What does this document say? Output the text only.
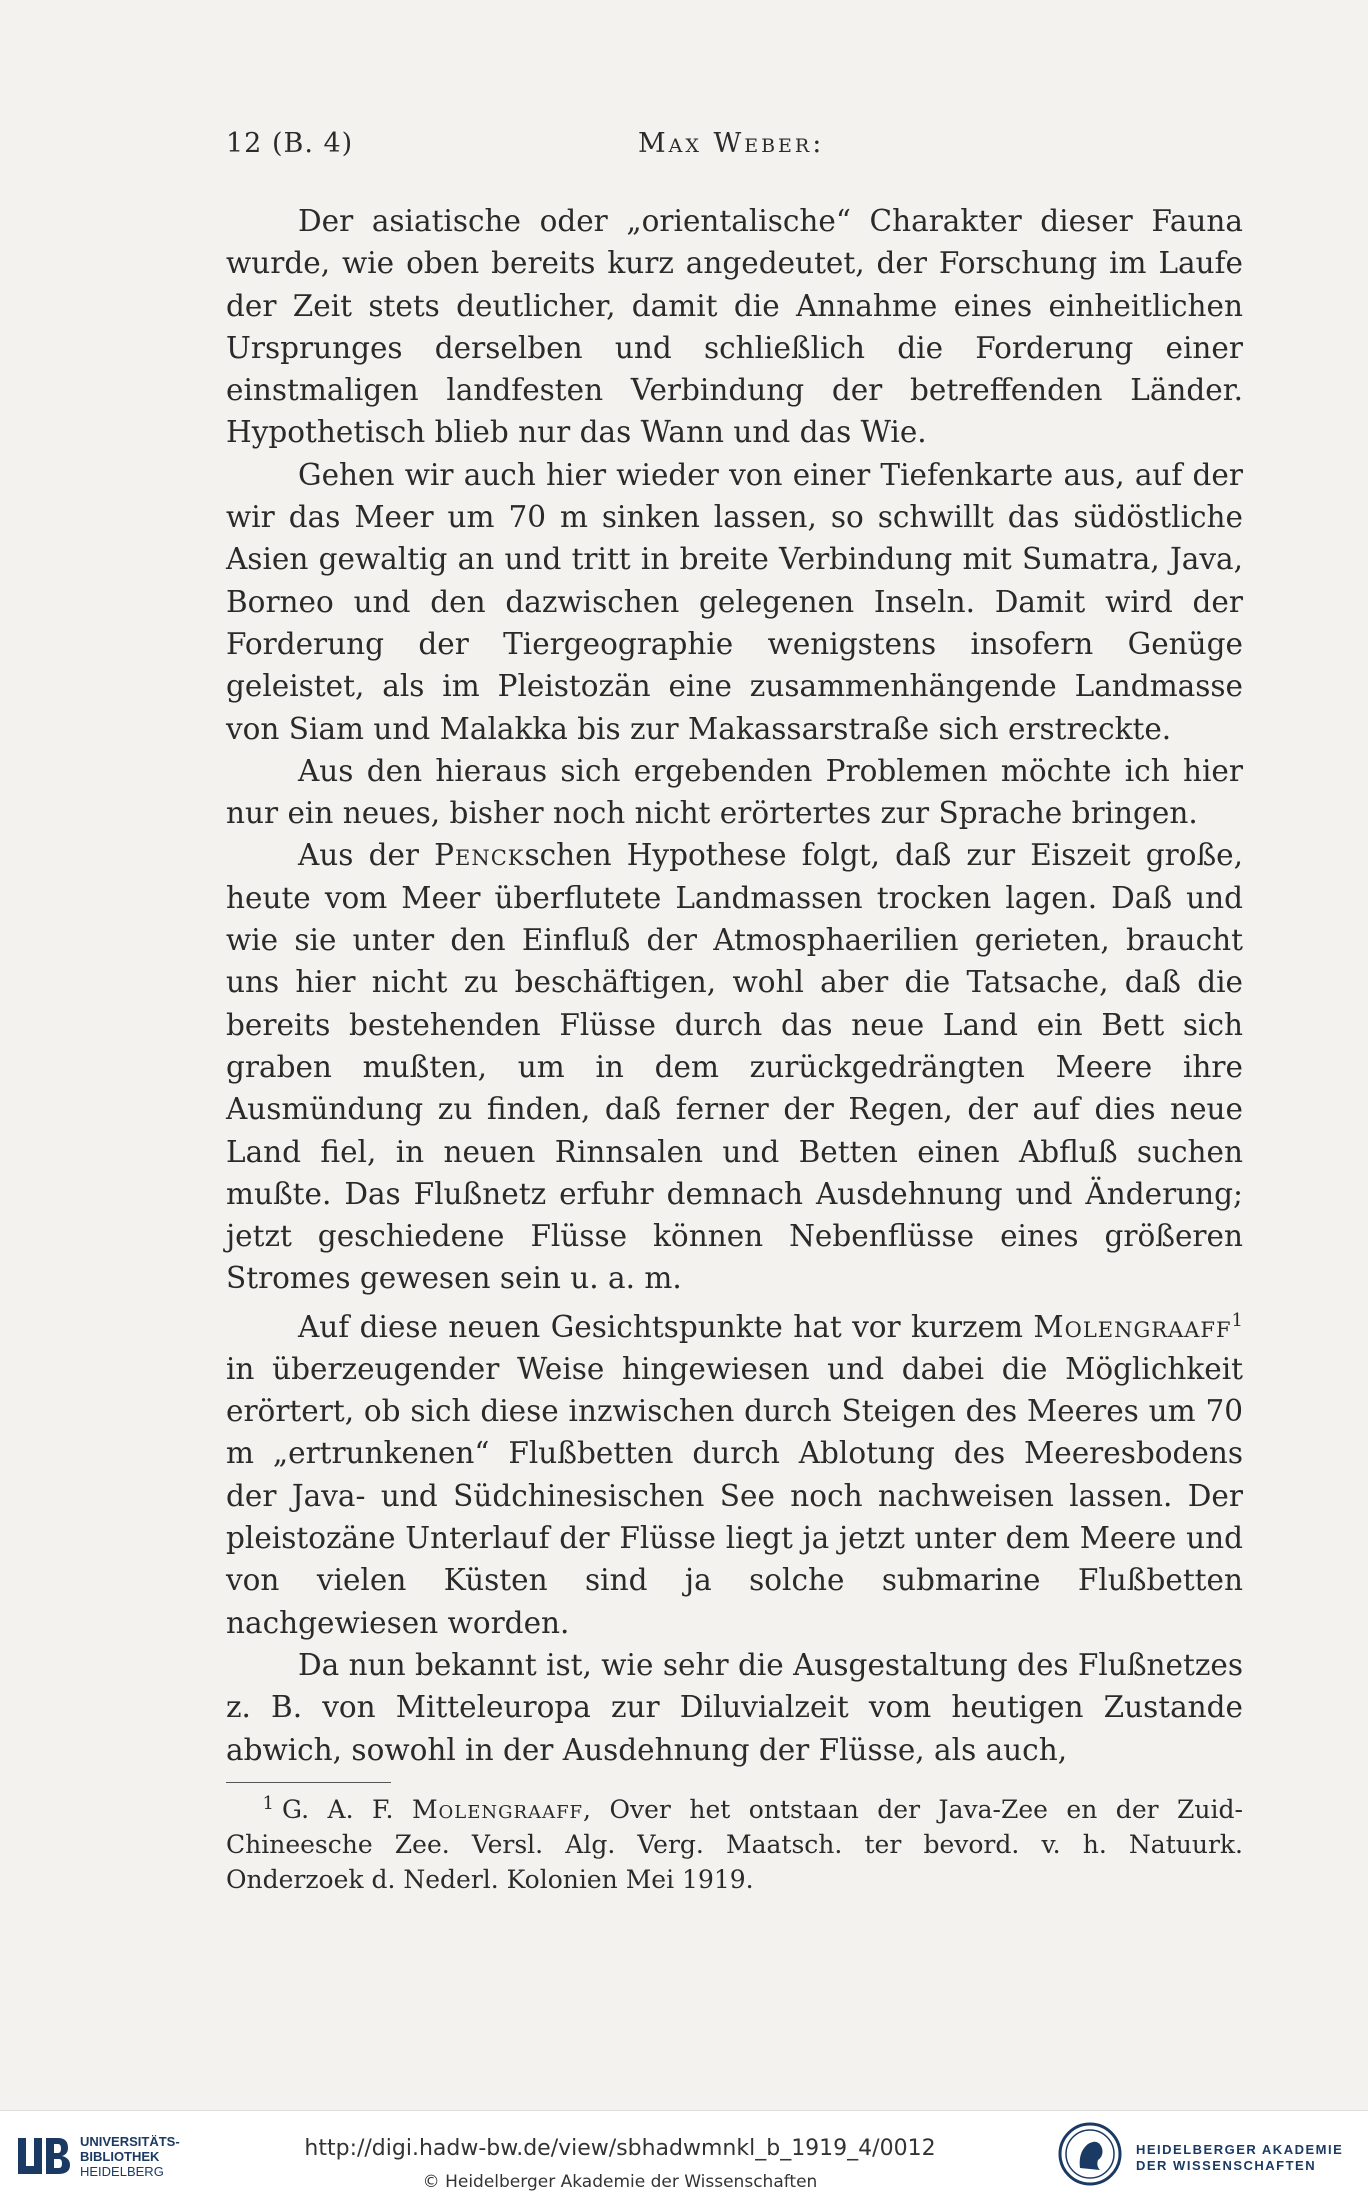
12 (B. 4)	Max Weber:

Der asiatische oder „orientalische“ Charakter dieser Fauna wurde, wie oben bereits kurz angedeutet, der Forschung im Laufe der Zeit stets deutlicher, damit die Annahme eines einheitlichen Ursprunges derselben und schließlich die Forderung einer einstmaligen landfesten Verbindung der betreffenden Länder. Hypothetisch blieb nur das Wann und das Wie.

Gehen wir auch hier wieder von einer Tiefenkarte aus, auf der wir das Meer um 70 m sinken lassen, so schwillt das südöstliche Asien gewaltig an und tritt in breite Verbindung mit Sumatra, Java, Borneo und den dazwischen gelegenen Inseln. Damit wird der Forderung der Tiergeographie wenigstens insofern Genüge geleistet, als im Pleistozän eine zusammenhängende Landmasse von Siam und Malakka bis zur Makassarstraße sich erstreckte.

Aus den hieraus sich ergebenden Problemen möchte ich hier nur ein neues, bisher noch nicht erörtertes zur Sprache bringen.

Aus der Penckschen Hypothese folgt, daß zur Eiszeit große, heute vom Meer überflutete Landmassen trocken lagen. Daß und wie sie unter den Einfluß der Atmosphaerilien gerieten, braucht uns hier nicht zu beschäftigen, wohl aber die Tatsache, daß die bereits bestehenden Flüsse durch das neue Land ein Bett sich graben mußten, um in dem zurückgedrängten Meere ihre Ausmündung zu finden, daß ferner der Regen, der auf dies neue Land fiel, in neuen Rinnsalen und Betten einen Abfluß suchen mußte. Das Flußnetz erfuhr demnach Ausdehnung und Änderung; jetzt geschiedene Flüsse können Nebenflüsse eines größeren Stromes gewesen sein u. a. m.

Auf diese neuen Gesichtspunkte hat vor kurzem Molengraaff$^1$ in überzeugender Weise hingewiesen und dabei die Möglichkeit erörtert, ob sich diese inzwischen durch Steigen des Meeres um 70 m „ertrunkenen“ Flußbetten durch Ablotung des Meeresbodens der Java- und Südchinesischen See noch nachweisen lassen. Der pleistozäne Unterlauf der Flüsse liegt ja jetzt unter dem Meere und von vielen Küsten sind ja solche submarine Flußbetten nachgewiesen worden.

Da nun bekannt ist, wie sehr die Ausgestaltung des Flußnetzes z. B. von Mitteleuropa zur Diluvialzeit vom heutigen Zustande abwich, sowohl in der Ausdehnung der Flüsse, als auch,

1 G. A. F. Molengraaff, Over het ontstaan der Java-Zee en der Zuid-Chineesche Zee. Versl. Alg. Verg. Maatsch. ter bevord. v. h. Natuurk. Onderzoek d. Nederl. Kolonien Mei 1919.
UNIVERSITÄTS-
BIBLIOTHEK
HEIDELBERG
http://digi.hadw-bw.de/view/sbhadwmnkl_b_1919_4/0012
© Heidelberger Akademie der Wissenschaften
HEIDELBERGER AKADEMIE
DER WISSENSCHAFTEN
